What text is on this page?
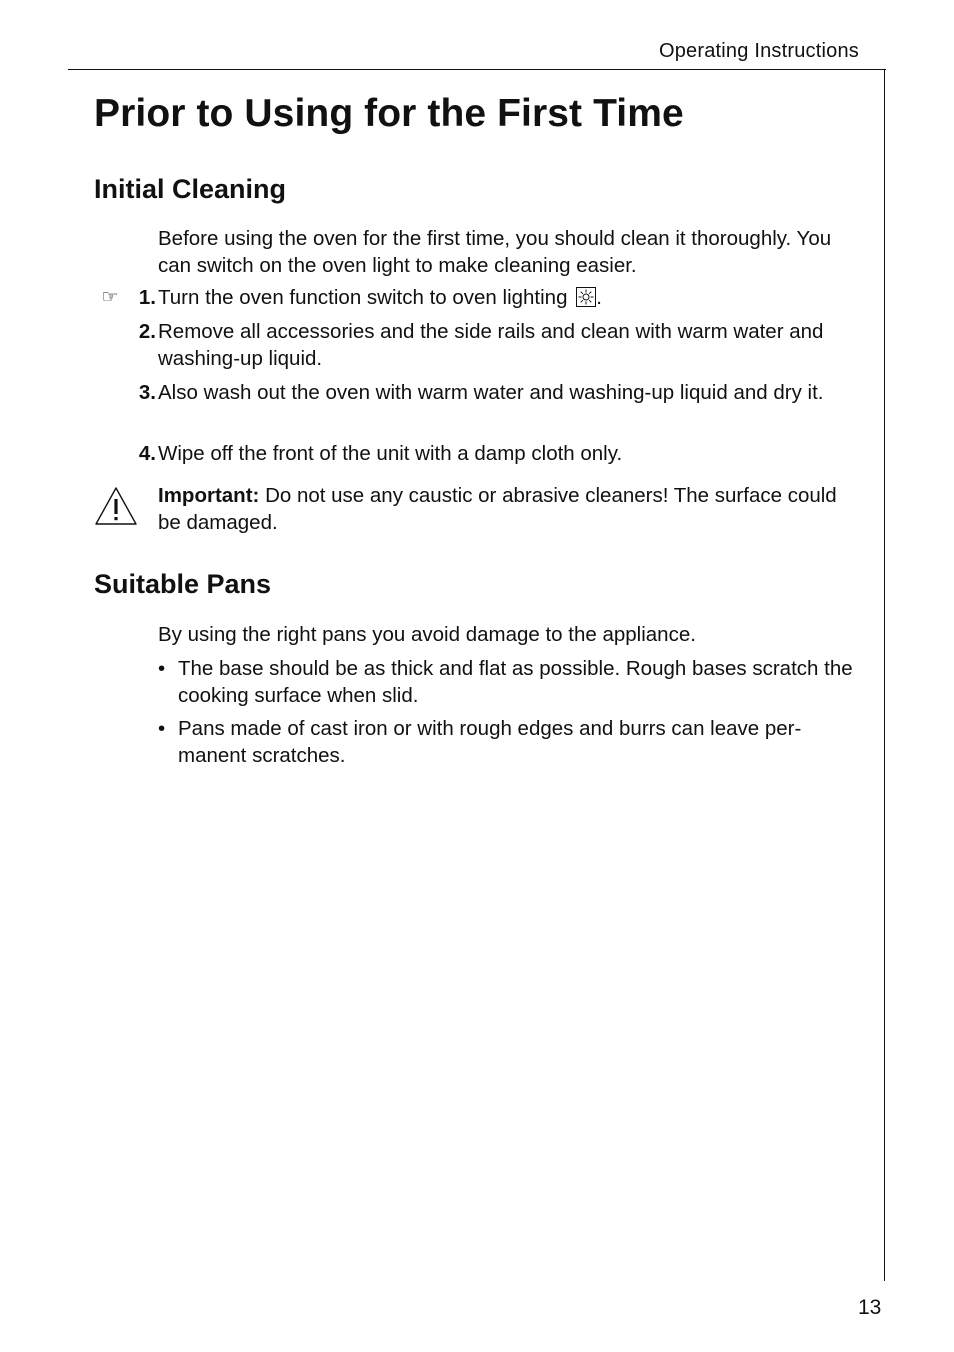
Operating Instructions
Prior to Using for the First Time
Initial Cleaning

Before using the oven for the first time, you should clean it thoroughly. You can switch on the oven light to make cleaning easier.

☞ 1. Turn the oven function switch to oven lighting .
2. Remove all accessories and the side rails and clean with warm water and washing-up liquid.
3. Also wash out the oven with warm water and washing-up liquid and dry it.
4. Wipe off the front of the unit with a damp cloth only.
Important: Do not use any caustic or abrasive cleaners! The surface could be damaged.
Suitable Pans

By using the right pans you avoid damage to the appliance.

• The base should be as thick and flat as possible. Rough bases scratch the cooking surface when slid.
• Pans made of cast iron or with rough edges and burrs can leave per-manent scratches.
13
